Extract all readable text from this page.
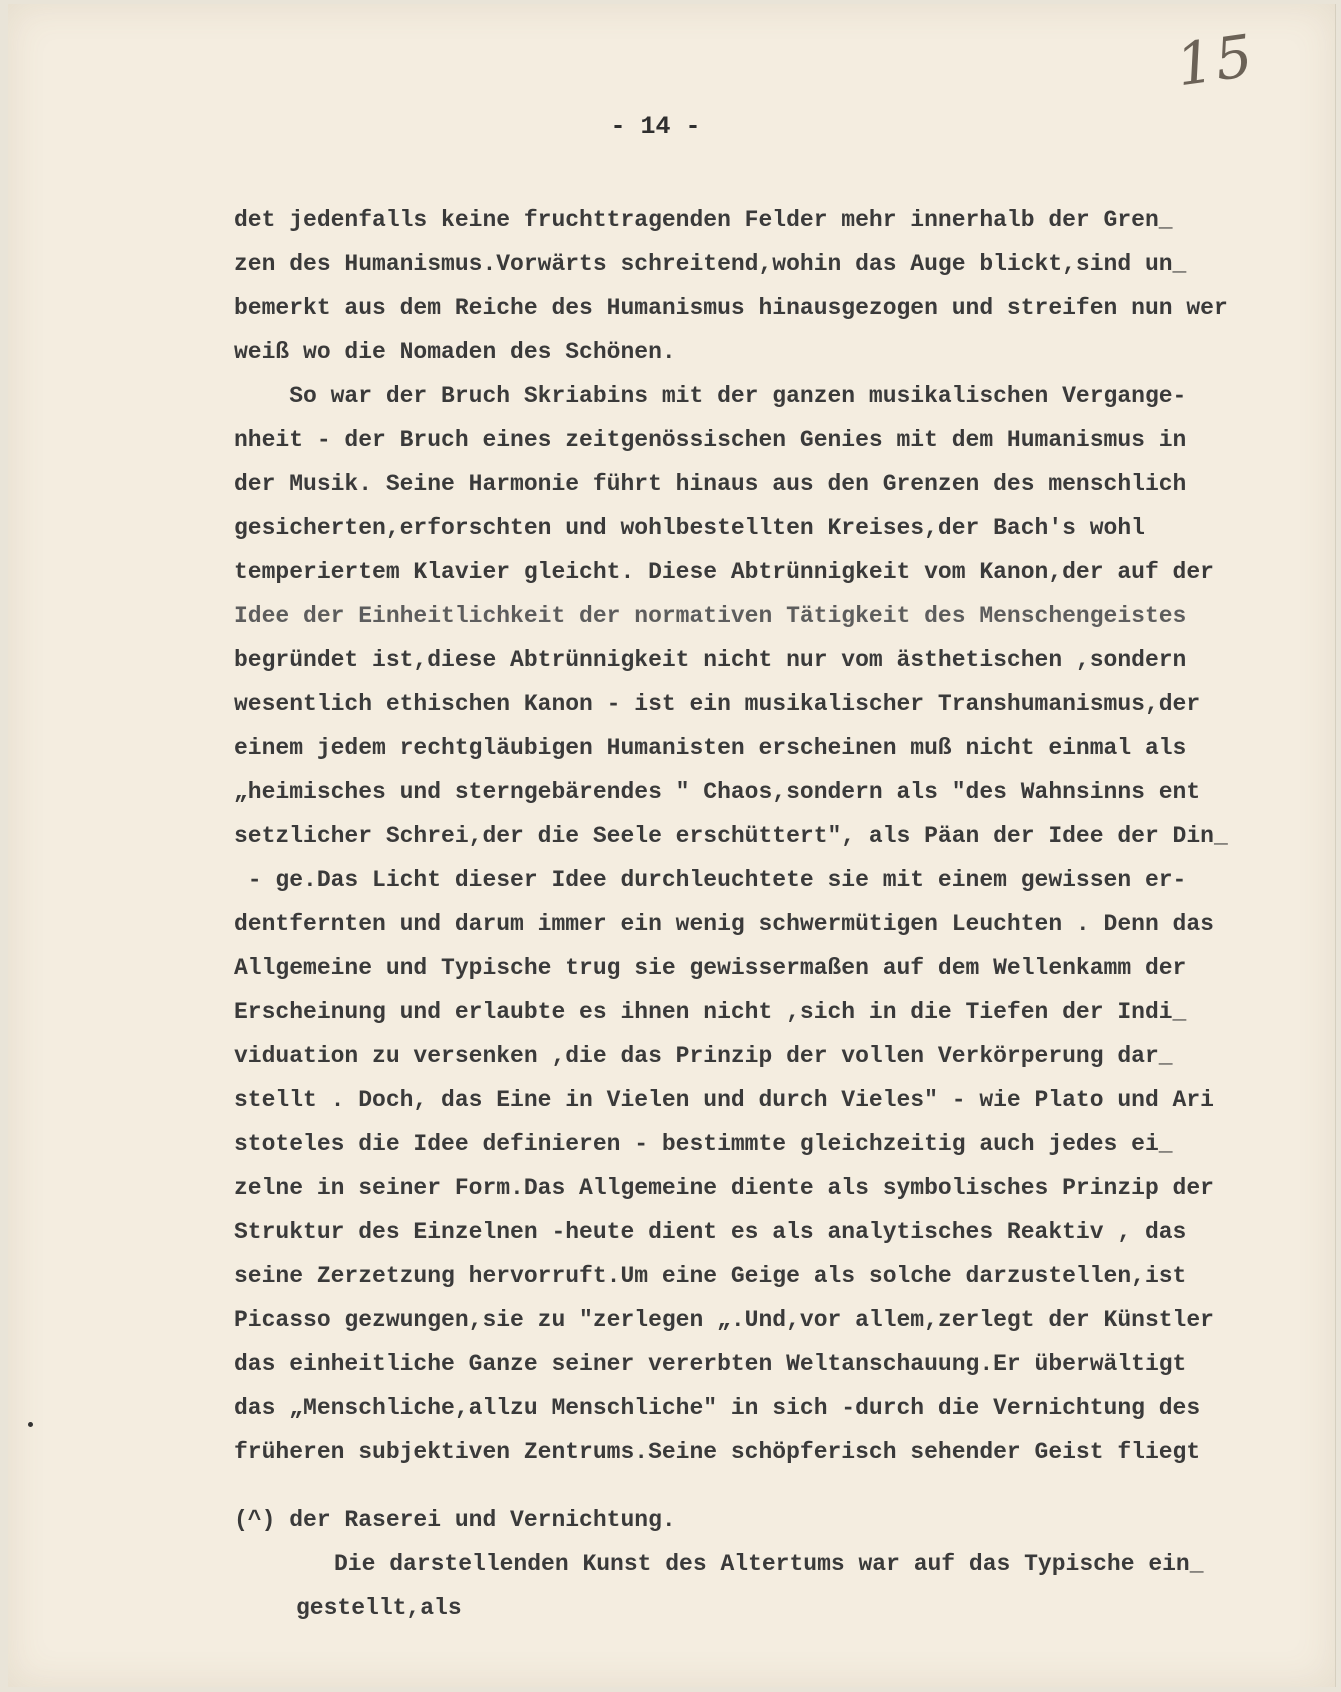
15
- 14 -
det jedenfalls keine fruchttragenden Felder mehr innerhalb der Gren_
zen des Humanismus.Vorwärts schreitend,wohin das Auge blickt,sind un_
bemerkt aus dem Reiche des Humanismus hinausgezogen und streifen nun wer
weiß wo die Nomaden des Schönen.
So war der Bruch Skriabins mit der ganzen musikalischen Vergange-
nheit - der Bruch eines zeitgenössischen Genies mit dem Humanismus in
der Musik. Seine Harmonie führt hinaus aus den Grenzen des menschlich
gesicherten,erforschten und wohlbestellten Kreises,der Bach's wohl
temperiertem Klavier gleicht. Diese Abtrünnigkeit vom Kanon,der auf der
Idee der Einheitlichkeit der normativen Tätigkeit des Menschengeistes
begründet ist,diese Abtrünnigkeit nicht nur vom ästhetischen ,sondern
wesentlich ethischen Kanon - ist ein musikalischer Transhumanismus,der
einem jedem rechtgläubigen Humanisten erscheinen muß nicht einmal als
„heimisches und sterngebärendes " Chaos,sondern als "des Wahnsinns ent
setzlicher Schrei,der die Seele erschüttert", als Päan der Idee der Din_
- ge.Das Licht dieser Idee durchleuchtete sie mit einem gewissen er-
dentfernten und darum immer ein wenig schwermütigen Leuchten . Denn das
Allgemeine und Typische trug sie gewissermaßen auf dem Wellenkamm der
Erscheinung und erlaubte es ihnen nicht ,sich in die Tiefen der Indi_
viduation zu versenken ,die das Prinzip der vollen Verkörperung dar_
stellt . Doch, das Eine in Vielen und durch Vieles" - wie Plato und Ari
stoteles die Idee definieren - bestimmte gleichzeitig auch jedes ei_
zelne in seiner Form.Das Allgemeine diente als symbolisches Prinzip der
Struktur des Einzelnen -heute dient es als analytisches Reaktiv , das
seine Zerzetzung hervorruft.Um eine Geige als solche darzustellen,ist
Picasso gezwungen,sie zu "zerlegen „.Und,vor allem,zerlegt der Künstler
das einheitliche Ganze seiner vererbten Weltanschauung.Er überwältigt
das „Menschliche,allzu Menschliche" in sich -durch die Vernichtung des
früheren subjektiven Zentrums.Seine schöpferisch sehender Geist fliegt
(^) der Raserei und Vernichtung.
Die darstellenden Kunst des Altertums war auf das Typische ein_
gestellt,als
